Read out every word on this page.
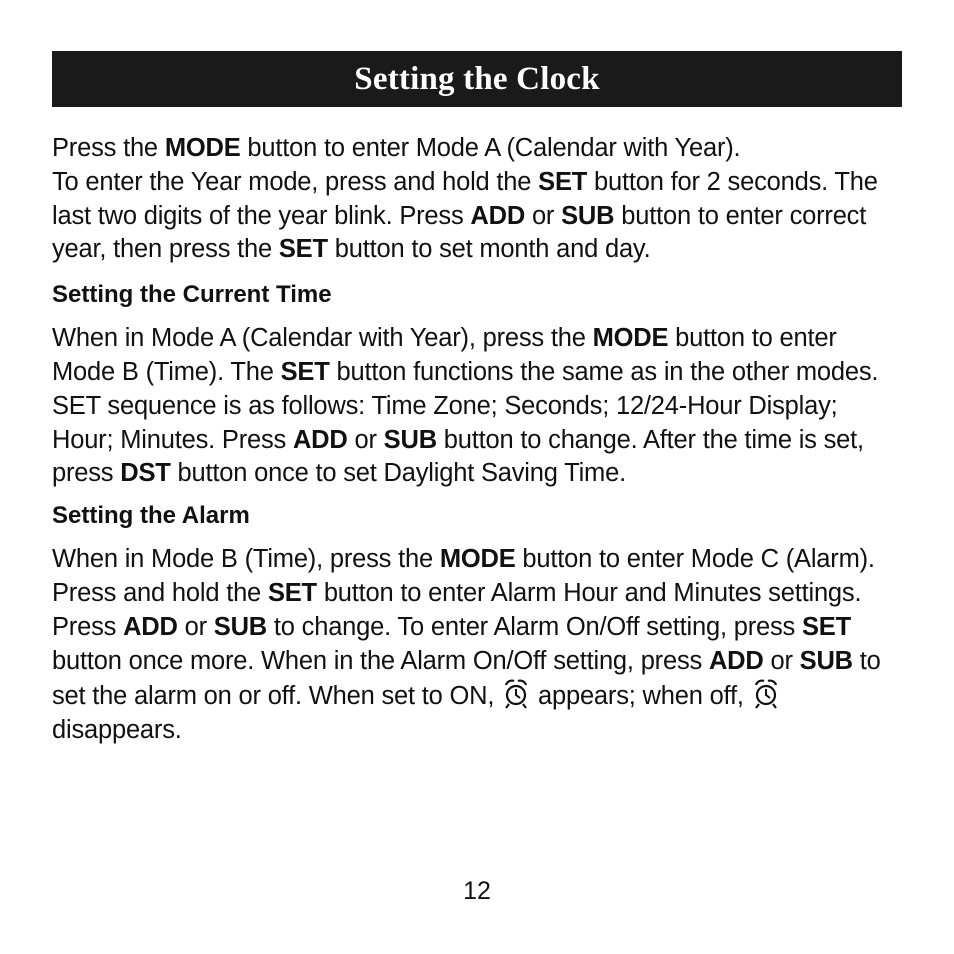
Setting the Clock

Press the MODE button to enter Mode A (Calendar with Year).
To enter the Year mode, press and hold the SET button for 2 seconds. The last two digits of the year blink. Press ADD or SUB button to enter correct year, then press the SET button to set month and day.

Setting the Current Time

When in Mode A (Calendar with Year), press the MODE button to enter Mode B (Time). The SET button functions the same as in the other modes. SET sequence is as follows: Time Zone; Seconds; 12/24-Hour Display; Hour; Minutes. Press ADD or SUB button to change. After the time is set, press DST button once to set Daylight Saving Time.

Setting the Alarm

When in Mode B (Time), press the MODE button to enter Mode C (Alarm). Press and hold the SET button to enter Alarm Hour and Minutes settings. Press ADD or SUB to change. To enter Alarm On/Off setting, press SET button once more. When in the Alarm On/Off setting, press ADD or SUB to set the alarm on or off. When set to ON,  appears; when off,  disappears.

12
